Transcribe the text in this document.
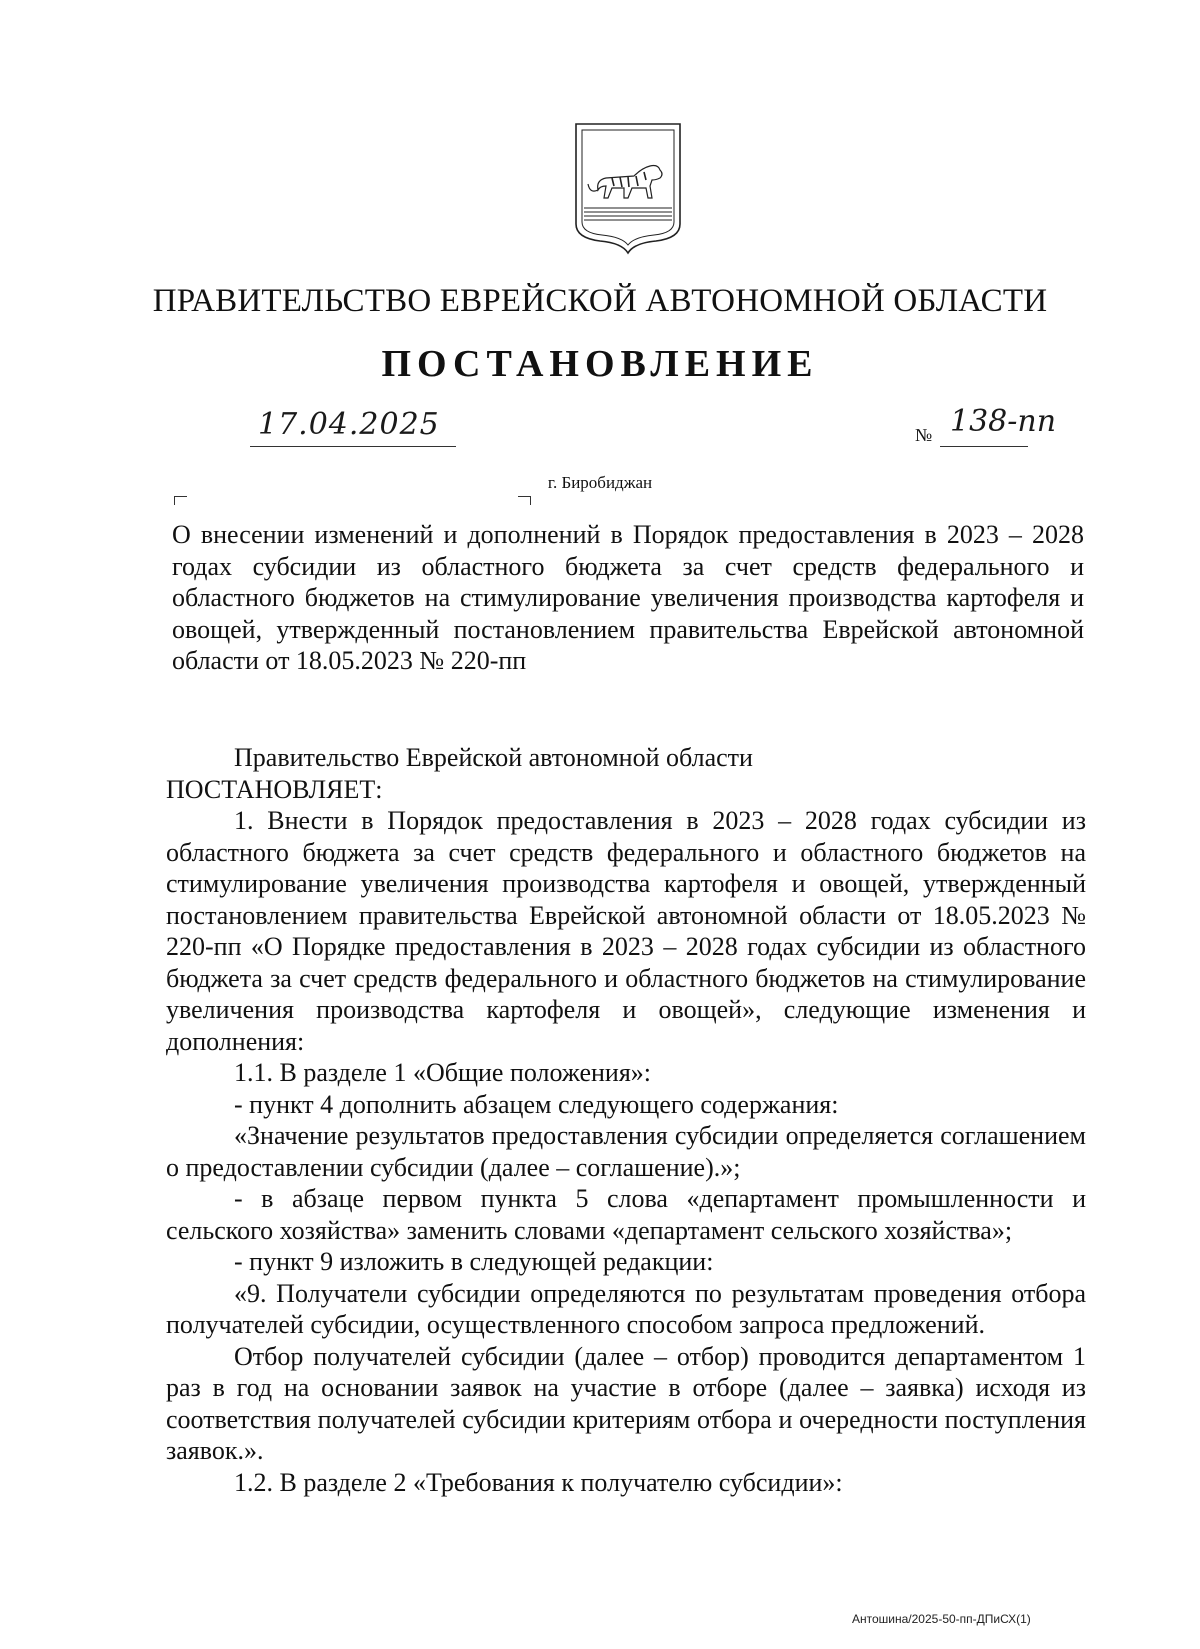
ПРАВИТЕЛЬСТВО ЕВРЕЙСКОЙ АВТОНОМНОЙ ОБЛАСТИ
ПОСТАНОВЛЕНИЕ
17.04.2025	№ 138-пп
г. Биробиджан
О внесении изменений и дополнений в Порядок предоставления в 2023 – 2028 годах субсидии из областного бюджета за счет средств федерального и областного бюджетов на стимулирование увеличения производства картофеля и овощей, утвержденный постановлением правительства Еврейской автономной области от 18.05.2023 № 220-пп

Правительство Еврейской автономной области

ПОСТАНОВЛЯЕТ:

1. Внести в Порядок предоставления в 2023 – 2028 годах субсидии из областного бюджета за счет средств федерального и областного бюджетов на стимулирование увеличения производства картофеля и овощей, утвержденный постановлением правительства Еврейской автономной области от 18.05.2023 № 220-пп «О Порядке предоставления в 2023 – 2028 годах субсидии из областного бюджета за счет средств федерального и областного бюджетов на стимулирование увеличения производства картофеля и овощей», следующие изменения и дополнения:

1.1. В разделе 1 «Общие положения»:

- пункт 4 дополнить абзацем следующего содержания:

«Значение результатов предоставления субсидии определяется соглашением о предоставлении субсидии (далее – соглашение).»;

- в абзаце первом пункта 5 слова «департамент промышленности и сельского хозяйства» заменить словами «департамент сельского хозяйства»;

- пункт 9 изложить в следующей редакции:

«9. Получатели субсидии определяются по результатам проведения отбора получателей субсидии, осуществленного способом запроса предложений.

Отбор получателей субсидии (далее – отбор) проводится департаментом 1 раз в год на основании заявок на участие в отборе (далее – заявка) исходя из соответствия получателей субсидии критериям отбора и очередности поступления заявок.».

1.2. В разделе 2 «Требования к получателю субсидии»:

Антошина/2025-50-пп-ДПиСХ(1)
